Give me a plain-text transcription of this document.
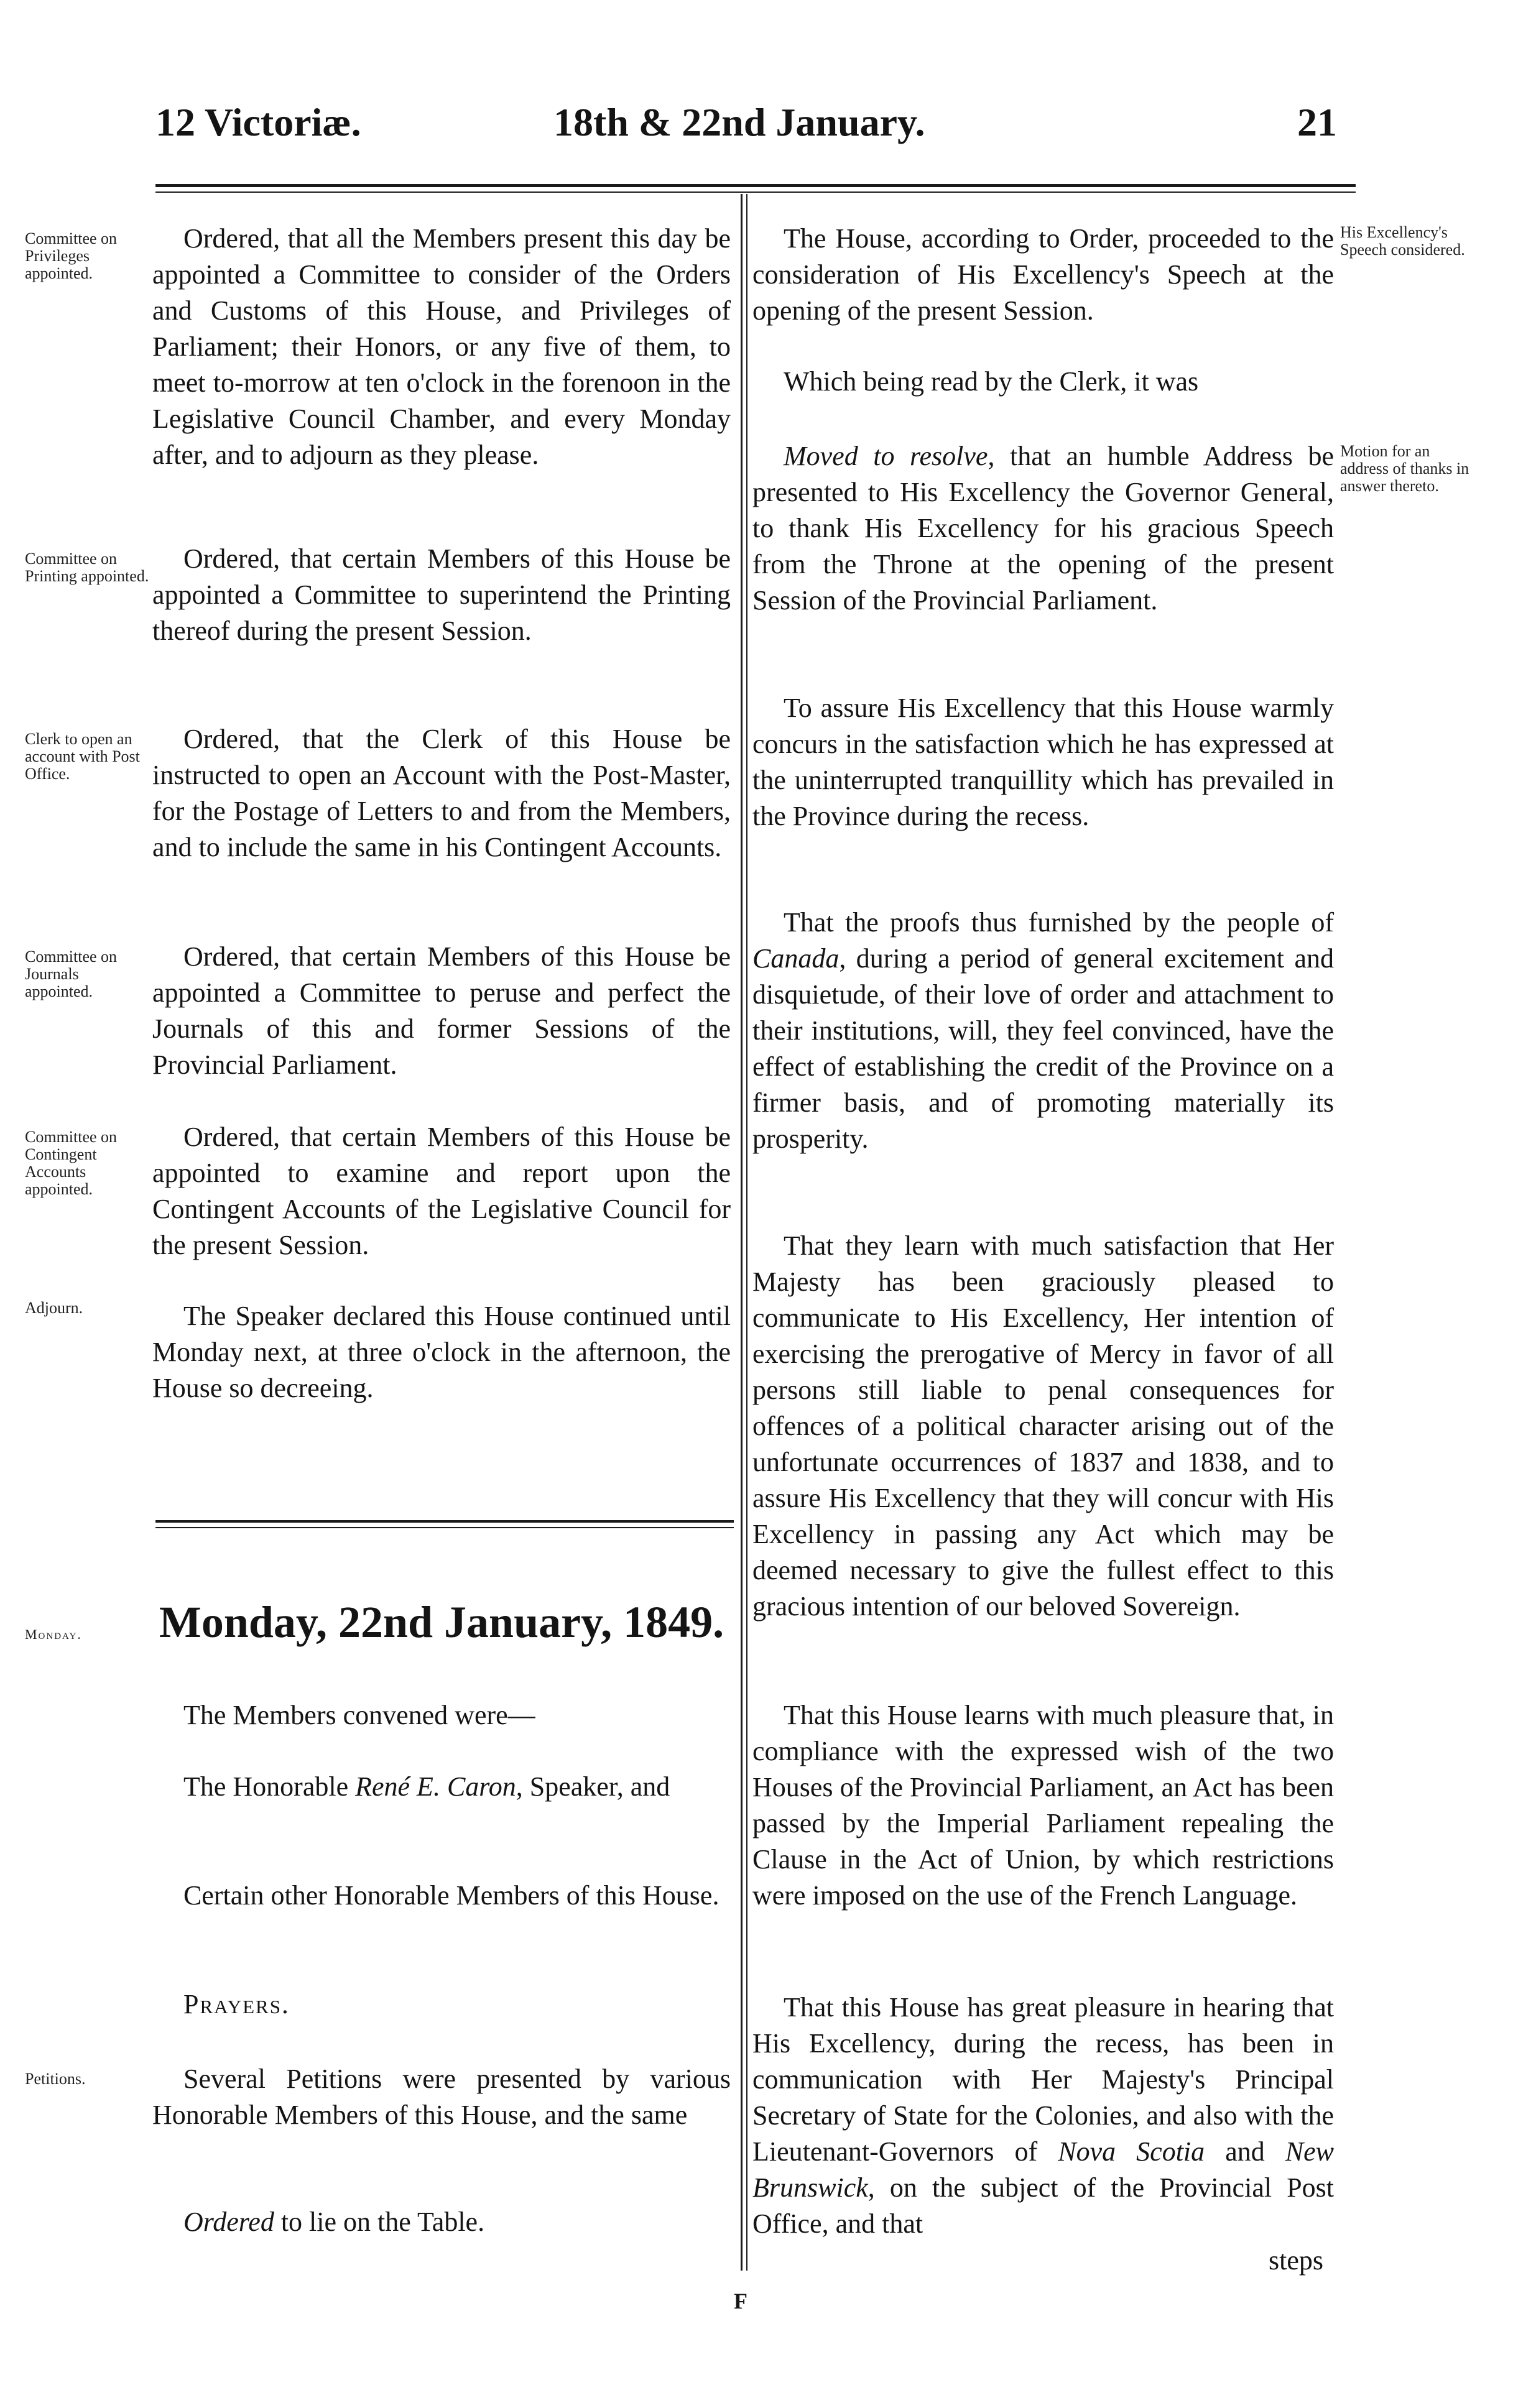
12 Victoriæ.	18th & 22nd January.	21
Committee on Privileges appointed.
Committee on Printing appointed.
Clerk to open an account with Post Office.
Committee on Journals appointed.
Committee on Contingent Accounts appointed.
Adjourn.
Monday.
Petitions.

Ordered, that all the Members present this day be appointed a Committee to consider of the Orders and Customs of this House, and Privileges of Parliament; their Honors, or any five of them, to meet to-morrow at ten o'clock in the forenoon in the Legislative Council Chamber, and every Monday after, and to adjourn as they please.

Ordered, that certain Members of this House be appointed a Committee to superintend the Printing thereof during the present Session.

Ordered, that the Clerk of this House be instructed to open an Account with the Post-Master, for the Postage of Letters to and from the Members, and to include the same in his Contingent Accounts.

Ordered, that certain Members of this House be appointed a Committee to peruse and perfect the Journals of this and former Sessions of the Provincial Parliament.

Ordered, that certain Members of this House be appointed to examine and report upon the Contingent Accounts of the Legislative Council for the present Session.

The Speaker declared this House continued until Monday next, at three o'clock in the afternoon, the House so decreeing.

Monday, 22nd January, 1849.

The Members convened were—

The Honorable René E. Caron, Speaker, and

Certain other Honorable Members of this House.

Prayers.

Several Petitions were presented by various Honorable Members of this House, and the same

Ordered to lie on the Table.

His Excellency's Speech considered.
Motion for an address of thanks in answer thereto.

The House, according to Order, proceeded to the consideration of His Excellency's Speech at the opening of the present Session.

Which being read by the Clerk, it was

Moved to resolve, that an humble Address be presented to His Excellency the Governor General, to thank His Excellency for his gracious Speech from the Throne at the opening of the present Session of the Provincial Parliament.

To assure His Excellency that this House warmly concurs in the satisfaction which he has expressed at the uninterrupted tranquillity which has prevailed in the Province during the recess.

That the proofs thus furnished by the people of Canada, during a period of general excitement and disquietude, of their love of order and attachment to their institutions, will, they feel convinced, have the effect of establishing the credit of the Province on a firmer basis, and of promoting materially its prosperity.

That they learn with much satisfaction that Her Majesty has been graciously pleased to communicate to His Excellency, Her intention of exercising the prerogative of Mercy in favor of all persons still liable to penal consequences for offences of a political character arising out of the unfortunate occurrences of 1837 and 1838, and to assure His Excellency that they will concur with His Excellency in passing any Act which may be deemed necessary to give the fullest effect to this gracious intention of our beloved Sovereign.

That this House learns with much pleasure that, in compliance with the expressed wish of the two Houses of the Provincial Parliament, an Act has been passed by the Imperial Parliament repealing the Clause in the Act of Union, by which restrictions were imposed on the use of the French Language.

That this House has great pleasure in hearing that His Excellency, during the recess, has been in communication with Her Majesty's Principal Secretary of State for the Colonies, and also with the Lieutenant-Governors of Nova Scotia and New Brunswick, on the subject of the Provincial Post Office, and that

steps
F
